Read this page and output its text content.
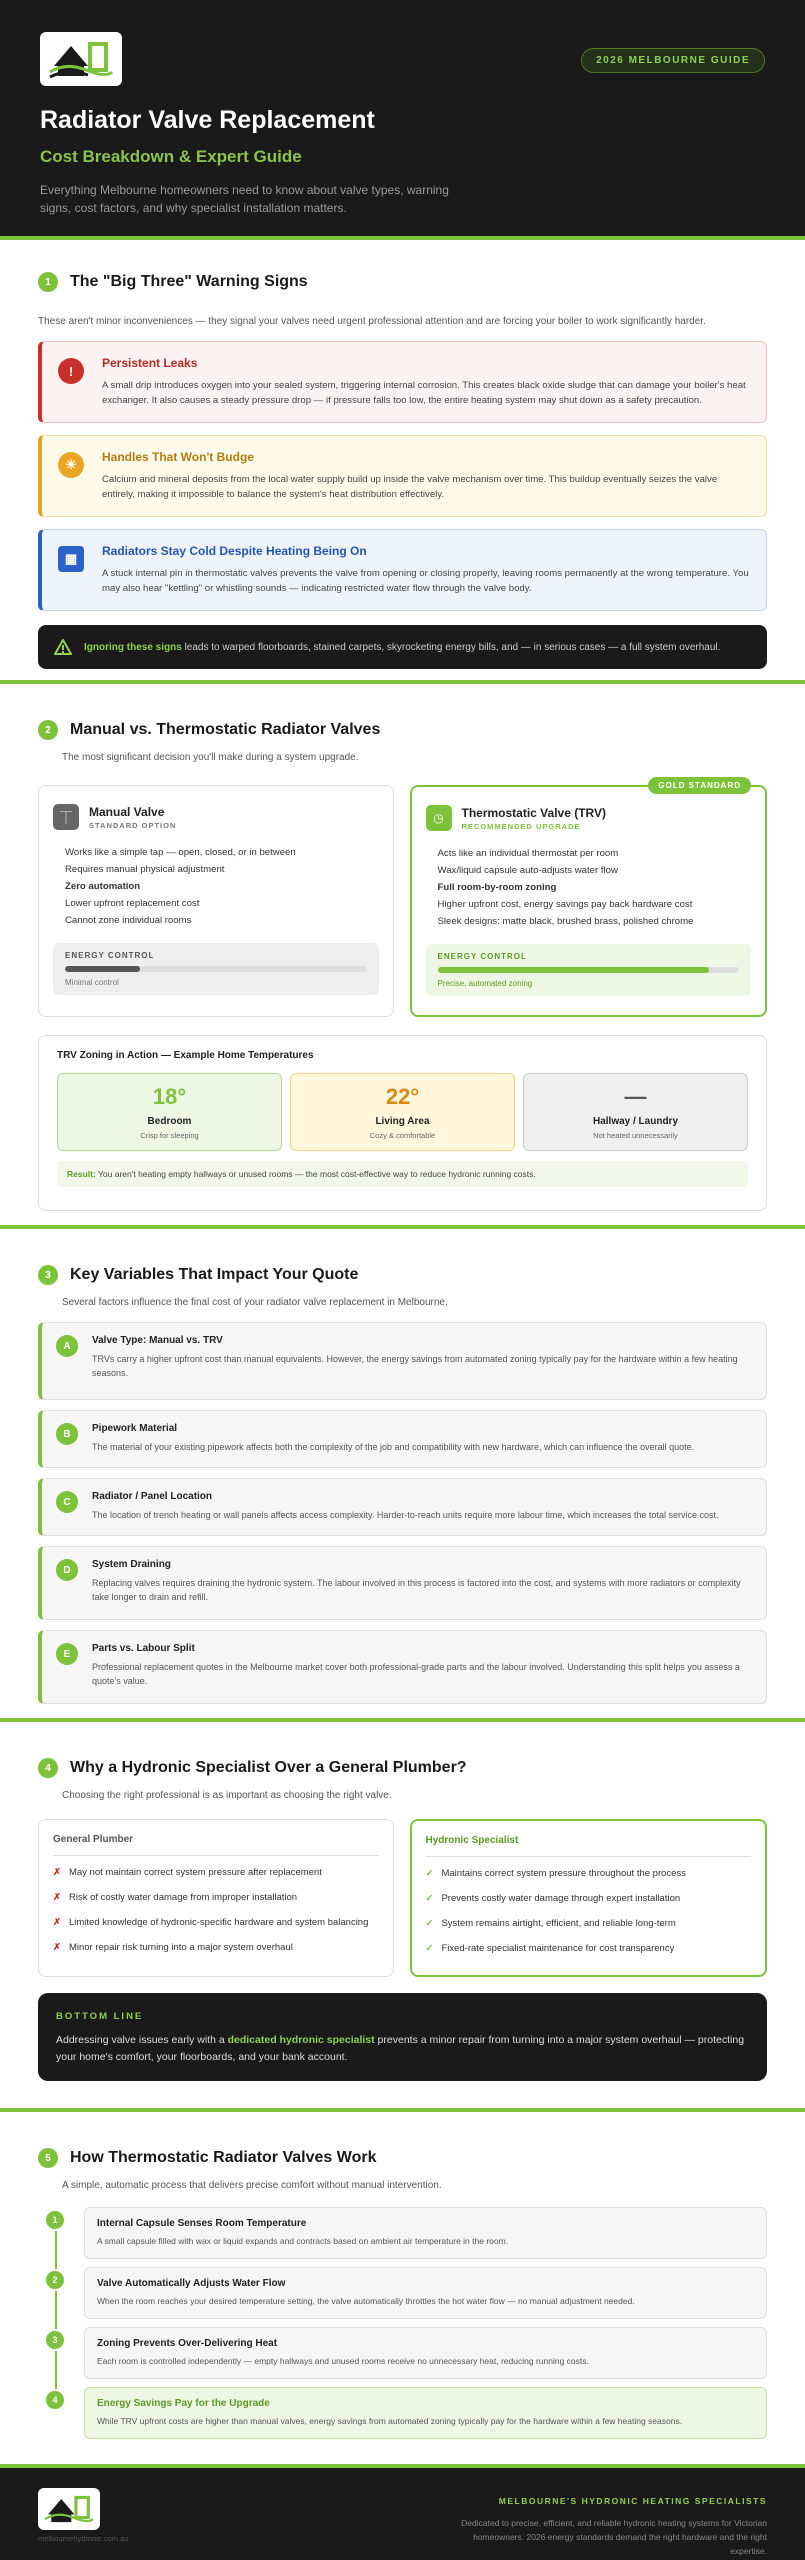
2026 MELBOURNE GUIDE
Radiator Valve Replacement
Cost Breakdown & Expert Guide

Everything Melbourne homeowners need to know about valve types, warning signs, cost factors, and why specialist installation matters.

1	The "Big Three" Warning Signs

These aren't minor inconveniences — they signal your valves need urgent professional attention and are forcing your boiler to work significantly harder.

!
Persistent Leaks

A small drip introduces oxygen into your sealed system, triggering internal corrosion. This creates black oxide sludge that can damage your boiler's heat exchanger. It also causes a steady pressure drop — if pressure falls too low, the entire heating system may shut down as a safety precaution.

☀	Handles That Won't Budge

Calcium and mineral deposits from the local water supply build up inside the valve mechanism over time. This buildup eventually seizes the valve entirely, making it impossible to balance the system's heat distribution effectively.

▦	Radiators Stay Cold Despite Heating Being On

A stuck internal pin in thermostatic valves prevents the valve from opening or closing properly, leaving rooms permanently at the wrong temperature. You may also hear "kettling" or whistling sounds — indicating restricted water flow through the valve body.

Ignoring these signs leads to warped floorboards, stained carpets, skyrocketing energy bills, and — in serious cases — a full system overhaul.
2	Manual vs. Thermostatic Radiator Valves

The most significant decision you'll make during a system upgrade.

⏉	Manual Valve
STANDARD OPTION
Works like a simple tap — open, closed, or in between
Requires manual physical adjustment
Zero automation
Lower upfront replacement cost
Cannot zone individual rooms
ENERGY CONTROL
Minimal control
GOLD STANDARD
◷	Thermostatic Valve (TRV)
RECOMMENDED UPGRADE
Acts like an individual thermostat per room
Wax/liquid capsule auto-adjusts water flow
Full room-by-room zoning
Higher upfront cost, energy savings pay back hardware cost
Sleek designs: matte black, brushed brass, polished chrome
ENERGY CONTROL
Precise, automated zoning
TRV Zoning in Action — Example Home Temperatures
18°
Bedroom
Crisp for sleeping
22°
Living Area
Cozy & comfortable
—
Hallway / Laundry
Not heated unnecessarily
Result: You aren't heating empty hallways or unused rooms — the most cost-effective way to reduce hydronic running costs.
3	Key Variables That Impact Your Quote

Several factors influence the final cost of your radiator valve replacement in Melbourne.

A	Valve Type: Manual vs. TRV

TRVs carry a higher upfront cost than manual equivalents. However, the energy savings from automated zoning typically pay for the hardware within a few heating seasons.

B	Pipework Material

The material of your existing pipework affects both the complexity of the job and compatibility with new hardware, which can influence the overall quote.

C	Radiator / Panel Location

The location of trench heating or wall panels affects access complexity. Harder-to-reach units require more labour time, which increases the total service cost.

D	System Draining

Replacing valves requires draining the hydronic system. The labour involved in this process is factored into the cost, and systems with more radiators or complexity take longer to drain and refill.

E	Parts vs. Labour Split

Professional replacement quotes in the Melbourne market cover both professional-grade parts and the labour involved. Understanding this split helps you assess a quote's value.

4	Why a Hydronic Specialist Over a General Plumber?

Choosing the right professional is as important as choosing the right valve.

General Plumber
✗ May not maintain correct system pressure after replacement
✗ Risk of costly water damage from improper installation
✗ Limited knowledge of hydronic-specific hardware and system balancing
✗ Minor repair risk turning into a major system overhaul
Hydronic Specialist
✓ Maintains correct system pressure throughout the process
✓ Prevents costly water damage through expert installation
✓ System remains airtight, efficient, and reliable long-term
✓ Fixed-rate specialist maintenance for cost transparency
BOTTOM LINE

Addressing valve issues early with a dedicated hydronic specialist prevents a minor repair from turning into a major system overhaul — protecting your home's comfort, your floorboards, and your bank account.

5	How Thermostatic Radiator Valves Work

A simple, automatic process that delivers precise comfort without manual intervention.

1	Internal Capsule Senses Room Temperature

A small capsule filled with wax or liquid expands and contracts based on ambient air temperature in the room.

2	Valve Automatically Adjusts Water Flow

When the room reaches your desired temperature setting, the valve automatically throttles the hot water flow — no manual adjustment needed.

3	Zoning Prevents Over-Delivering Heat

Each room is controlled independently — empty hallways and unused rooms receive no unnecessary heat, reducing running costs.

4	Energy Savings Pay for the Upgrade

While TRV upfront costs are higher than manual valves, energy savings from automated zoning typically pay for the hardware within a few heating seasons.

melbournehydronic.com.au
MELBOURNE'S HYDRONIC HEATING SPECIALISTS
Dedicated to precise, efficient, and reliable hydronic heating systems for Victorian homeowners. 2026 energy standards demand the right hardware and the right expertise.
